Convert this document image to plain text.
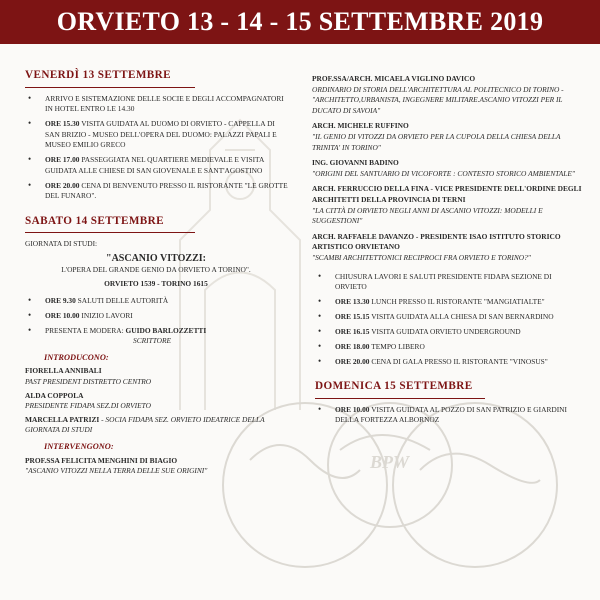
ORVIETO 13 - 14 - 15 SETTEMBRE 2019
BPW
VENERDÌ 13 SETTEMBRE
• ARRIVO E SISTEMAZIONE DELLE SOCIE E DEGLI ACCOMPAGNATORI IN HOTEL ENTRO LE 14.30
• ORE 15.30 VISITA GUIDATA AL DUOMO DI ORVIETO - CAPPELLA DI SAN BRIZIO - MUSEO DELL'OPERA DEL DUOMO: PALAZZI PAPALI E MUSEO EMILIO GRECO
• ORE 17.00 PASSEGGIATA NEL QUARTIERE MEDIEVALE E VISITA GUIDATA ALLE CHIESE DI SAN GIOVENALE E SANT'AGOSTINO
• ORE 20.00 CENA DI BENVENUTO PRESSO IL RISTORANTE "LE GROTTE DEL FUNARO".
SABATO 14 SETTEMBRE
GIORNATA DI STUDI:
"ASCANIO VITOZZI:
L'OPERA DEL GRANDE GENIO DA ORVIETO A TORINO".
ORVIETO 1539 - TORINO 1615
• ORE 9.30 SALUTI DELLE AUTORITÀ
• ORE 10.00 INIZIO LAVORI
• PRESENTA E MODERA: GUIDO BARLOZZETTI
SCRITTORE
INTRODUCONO:
FIORELLA ANNIBALI
PAST PRESIDENT DISTRETTO CENTRO
ALDA COPPOLA
PRESIDENTE FIDAPA SEZ.DI ORVIETO
MARCELLA PATRIZI - SOCIA FIDAPA SEZ. ORVIETO IDEATRICE DELLA GIORNATA DI STUDI
INTERVENGONO:
PROF.SSA FELICITA MENGHINI DI BIAGIO
"ASCANIO VITOZZI NELLA TERRA DELLE SUE ORIGINI"
PROF.SSA/ARCH. MICAELA VIGLINO DAVICO
ORDINARIO DI STORIA DELL'ARCHITETTURA AL POLITECNICO DI TORINO - "ARCHITETTO,URBANISTA, INGEGNERE MILITARE.ASCANIO VITOZZI PER IL DUCATO DI SAVOIA"
ARCH. MICHELE RUFFINO
"IL GENIO DI VITOZZI DA ORVIETO PER LA CUPOLA DELLA CHIESA DELLA TRINITA' IN TORINO"
ING. GIOVANNI BADINO
"ORIGINI DEL SANTUARIO DI VICOFORTE : CONTESTO STORICO AMBIENTALE"
ARCH. FERRUCCIO DELLA FINA - VICE PRESIDENTE DELL'ORDINE DEGLI ARCHITETTI DELLA PROVINCIA DI TERNI
"LA CITTÀ DI ORVIETO NEGLI ANNI DI ASCANIO VITOZZI: MODELLI E SUGGESTIONI"
ARCH. RAFFAELE DAVANZO - PRESIDENTE ISAO ISTITUTO STORICO ARTISTICO ORVIETANO
"SCAMBI ARCHITETTONICI RECIPROCI FRA ORVIETO E TORINO?"
• CHIUSURA LAVORI E SALUTI PRESIDENTE FIDAPA SEZIONE DI ORVIETO
• ORE 13.30 LUNCH PRESSO IL RISTORANTE "MANGIATIALTE"
• ORE 15.15 VISITA GUIDATA ALLA CHIESA DI SAN BERNARDINO
• ORE 16.15 VISITA GUIDATA ORVIETO UNDERGROUND
• ORE 18.00 TEMPO LIBERO
• ORE 20.00 CENA DI GALA PRESSO IL RISTORANTE "VINOSUS"
DOMENICA 15 SETTEMBRE
• ORE 10.00 VISITA GUIDATA AL POZZO DI SAN PATRIZIO E GIARDINI DELLA FORTEZZA ALBORNOZ
